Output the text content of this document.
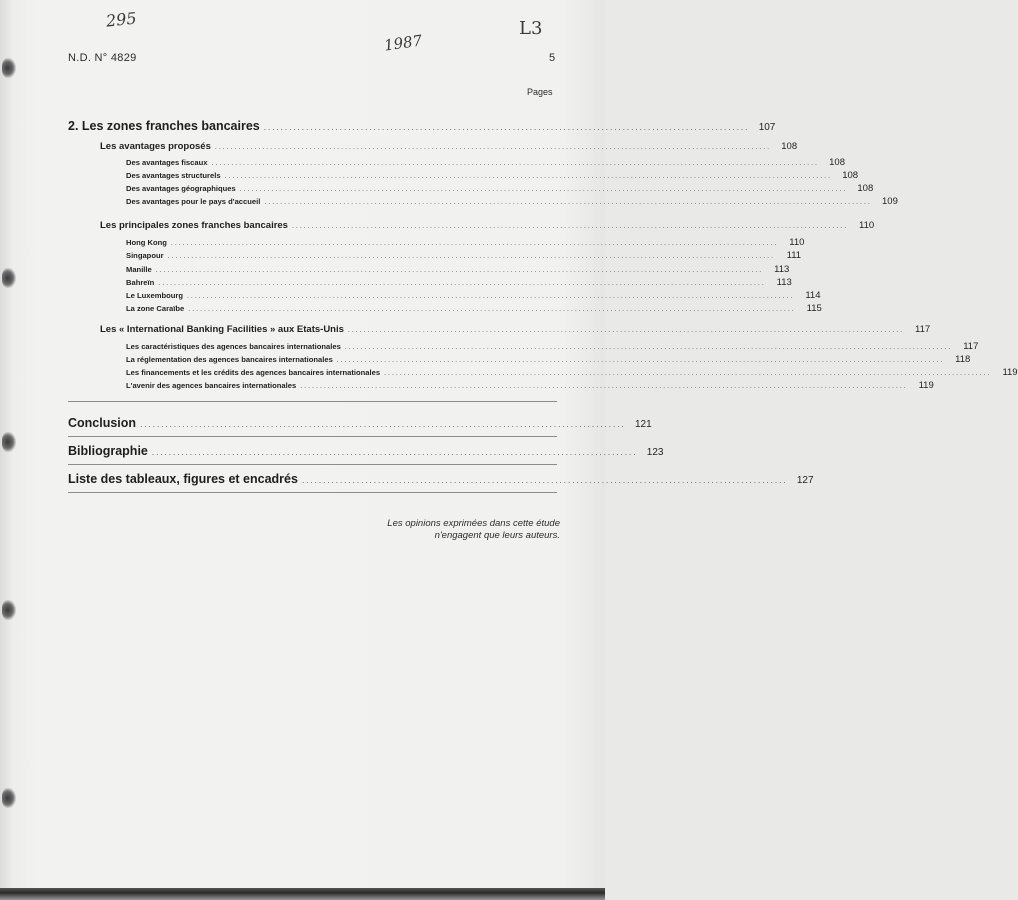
295
1987
L3
N.D. N° 4829	5
Pages
2. Les zones franches bancaires ................................................................................................................... 107
Les avantages proposés .............................................................................................................................................	108
Des avantages fiscaux ..........................................................................................................................................................	108
Des avantages structurels ..........................................................................................................................................................	108
Des avantages géographiques ..........................................................................................................................................................	108
Des avantages pour le pays d'accueil ..........................................................................................................................................................	109
Les principales zones franches bancaires .............................................................................................................................................	110
Hong Kong ..........................................................................................................................................................	110
Singapour ..........................................................................................................................................................	111
Manille ..........................................................................................................................................................	113
Bahreïn ..........................................................................................................................................................	113
Le Luxembourg ..........................................................................................................................................................	114
La zone Caraïbe ..........................................................................................................................................................	115
Les « International Banking Facilities » aux Etats-Unis .............................................................................................................................................	117
Les caractéristiques des agences bancaires internationales ..........................................................................................................................................................	117
La réglementation des agences bancaires internationales ..........................................................................................................................................................	118
Les financements et les crédits des agences bancaires internationales ..........................................................................................................................................................	119
L'avenir des agences bancaires internationales ..........................................................................................................................................................	119
Conclusion ................................................................................................................... 121
Bibliographie ................................................................................................................... 123
Liste des tableaux, figures et encadrés ................................................................................................................... 127
Les opinions exprimées dans cette étude
n'engagent que leurs auteurs.
